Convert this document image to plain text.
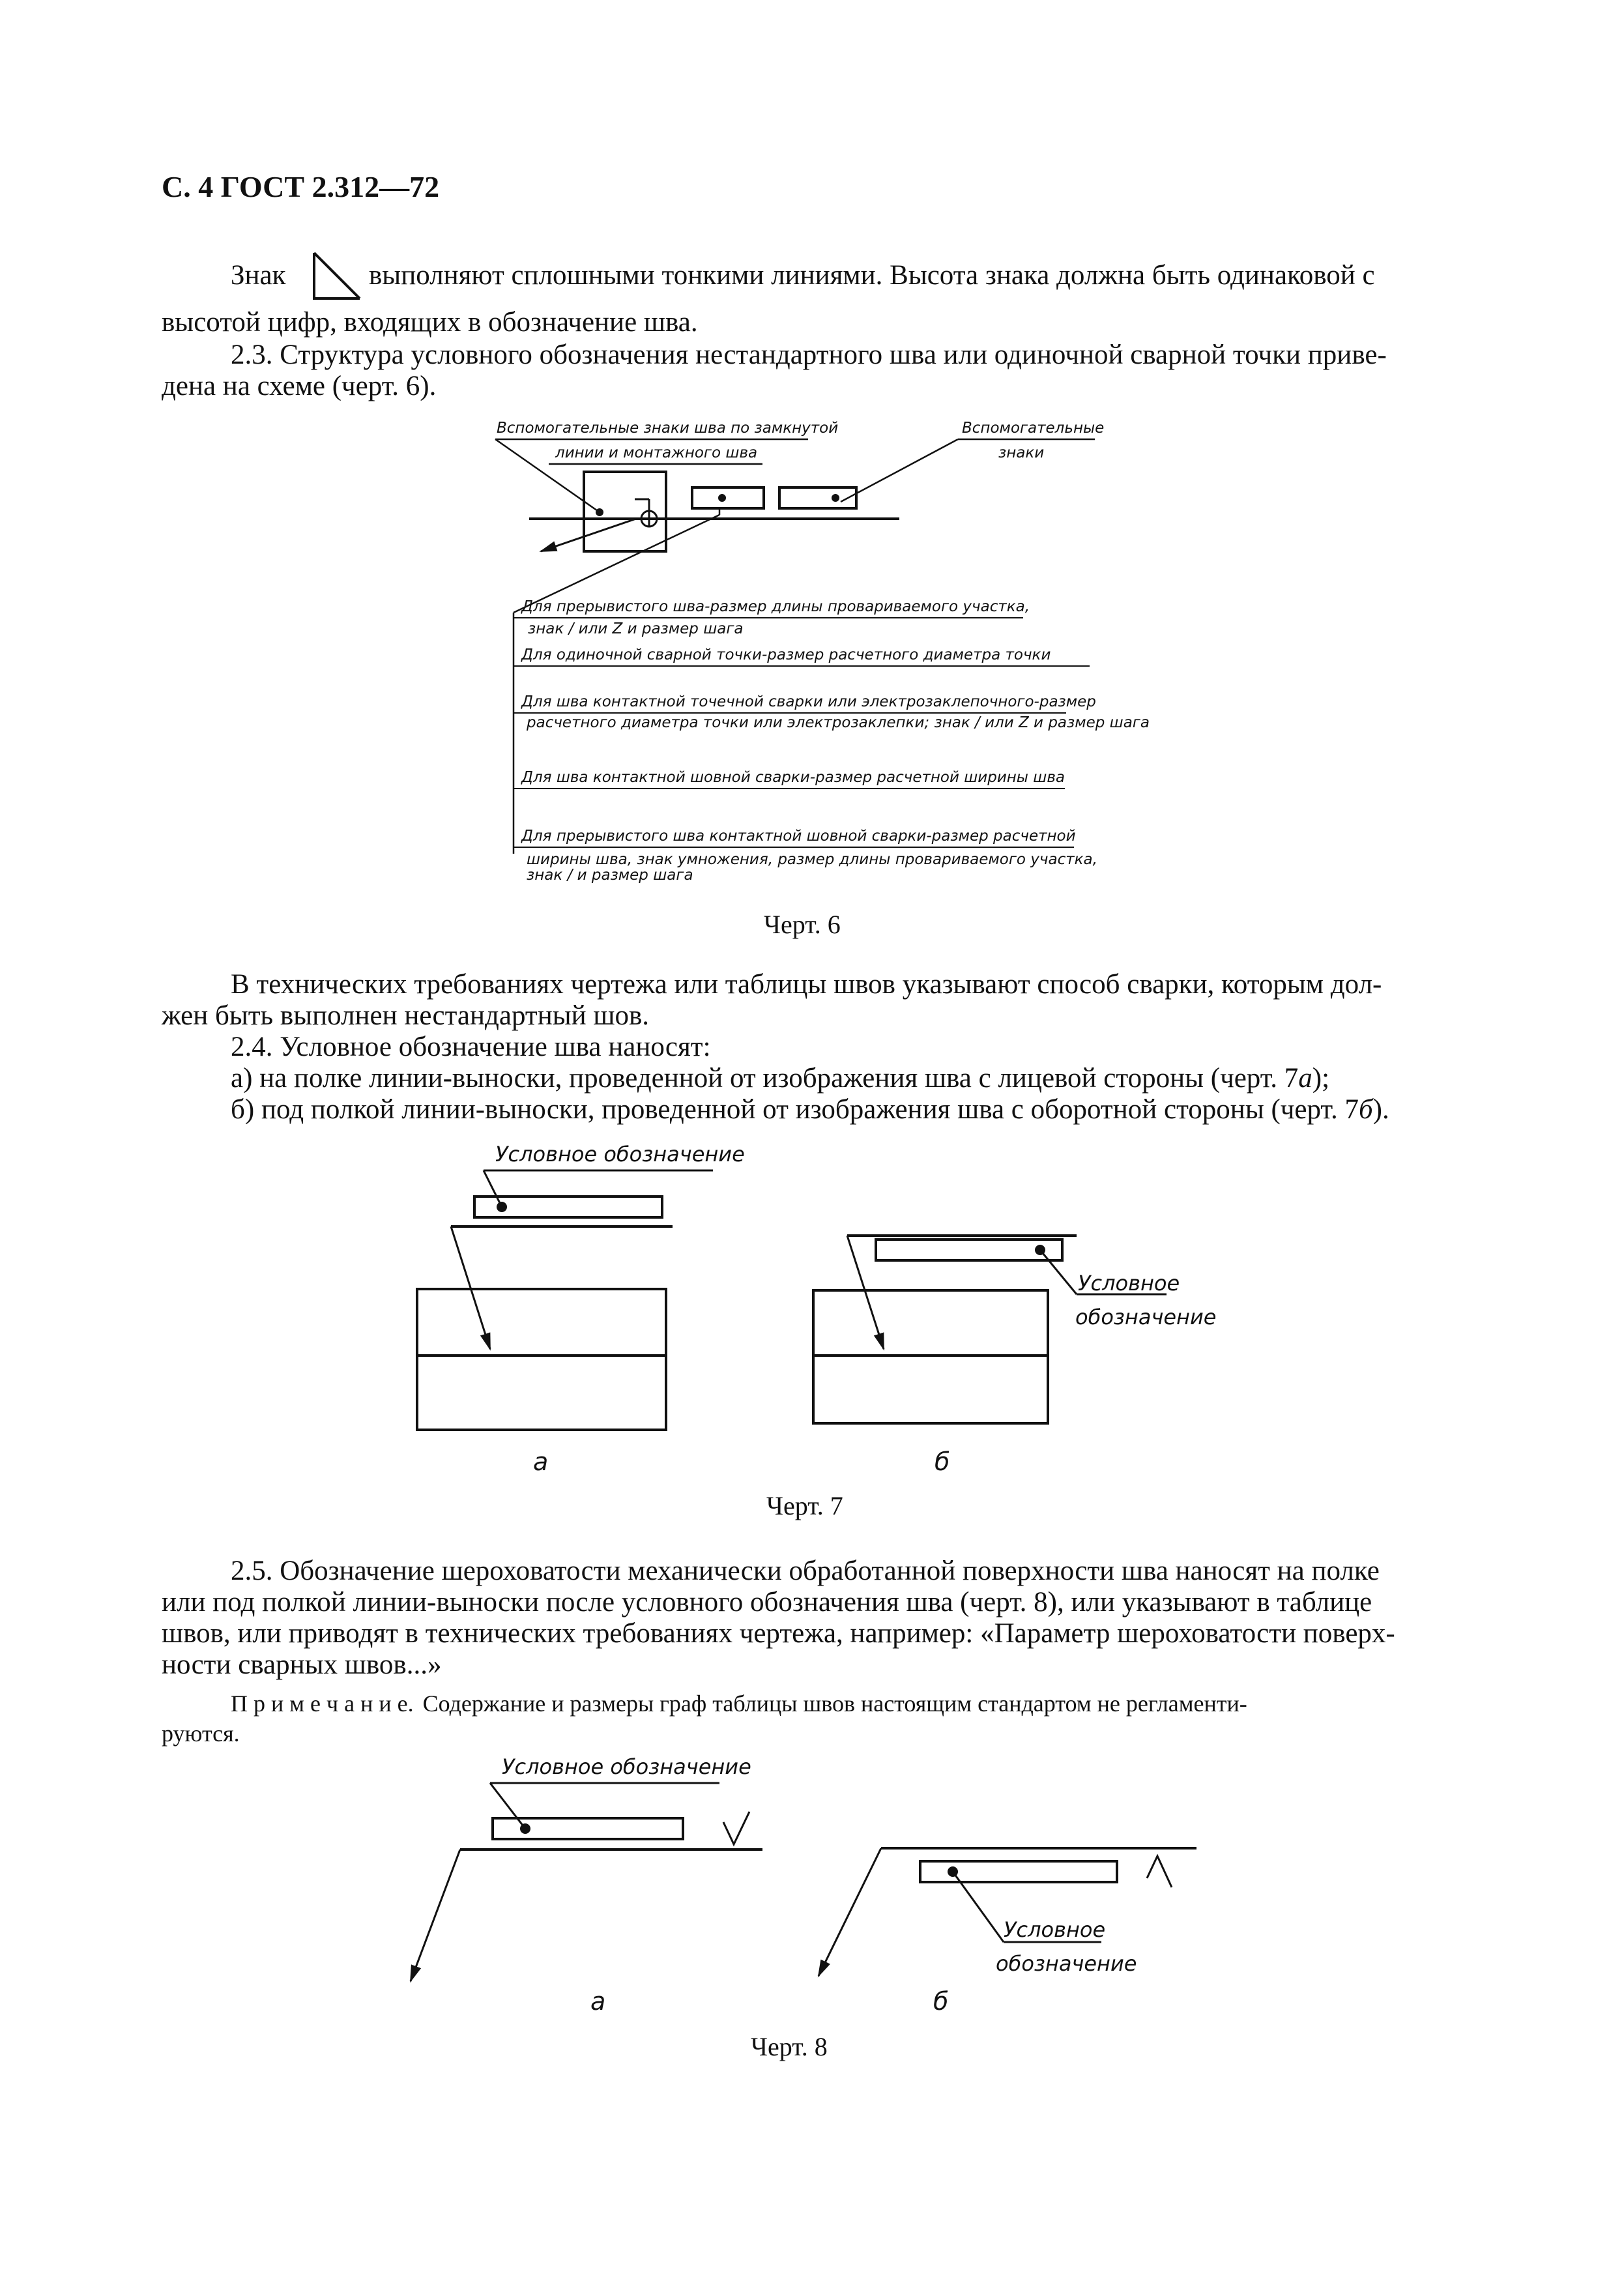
С. 4 ГОСТ 2.312—72
Знак	выполняют сплошными тонкими линиями. Высота знака должна быть одинаковой с
высотой цифр, входящих в обозначение шва.
2.3. Структура условного обозначения нестандартного шва или одиночной сварной точки приве-
дена на схеме (черт. 6).
Вспомогательные знаки шва по замкнутой
линии и монтажного шва
Вспомогательные
знаки
Для прерывистого шва-размер длины провариваемого участка,
знак / или Z и размер шага
Для одиночной сварной точки-размер расчетного диаметра точки
Для шва контактной точечной сварки или электрозаклепочного-размер
расчетного диаметра точки или электрозаклепки; знак / или Z и размер шага
Для шва контактной шовной сварки-размер расчетной ширины шва
Для прерывистого шва контактной шовной сварки-размер расчетной
ширины шва, знак умножения, размер длины провариваемого участка,
знак / и размер шага
Черт. 6
В технических требованиях чертежа или таблицы швов указывают способ сварки, которым дол-
жен быть выполнен нестандартный шов.
2.4. Условное обозначение шва наносят:
а) на полке линии-выноски, проведенной от изображения шва с лицевой стороны (черт. 7а);
б) под полкой линии-выноски, проведенной от изображения шва с оборотной стороны (черт. 7б).
Условное обозначение
а
Условное
обозначение
б
Черт. 7
2.5. Обозначение шероховатости механически обработанной поверхности шва наносят на полке
или под полкой линии-выноски после условного обозначения шва (черт. 8), или указывают в таблице
швов, или приводят в технических требованиях чертежа, например: «Параметр шероховатости поверх-
ности сварных швов...»
П р и м е ч а н и е. Содержание и размеры граф таблицы швов настоящим стандартом не регламенти-
руются.
Условное обозначение
а
Условное
обозначение
б
Черт. 8
